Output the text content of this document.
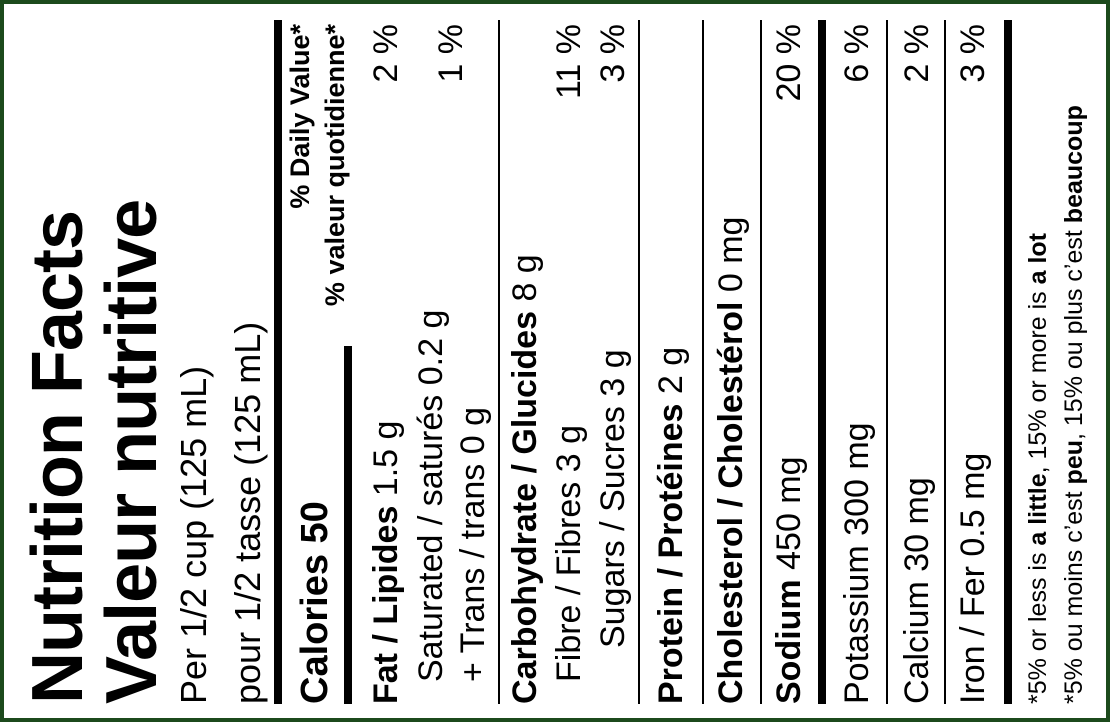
Nutrition Facts
Valeur nutritive Per 1/2 cup (125 mL) pour 1/2 tasse (125 mL) Calories 50
% Daily Value* % valeur quotidienne*
Fat / Lipides 1.5 g
2 %
Saturated / saturés 0.2 g
1 %
+ Trans / trans 0 g Carbohydrate / Glucides 8 g
Fibre / Fibres 3 g
11 %
Sugars / Sucres 3 g
3 %
Protein / Protéines 2 g Cholesterol / Cholestérol 0 mg
Sodium 450 mg
20 %
Potassium 300 mg
6 %
Calcium 30 mg
2 %
Iron / Fer 0.5 mg
3 %
*5% or less is a little, 15% or more is a lot
*5% ou moins c’est peu, 15% ou plus c’est beaucoup
